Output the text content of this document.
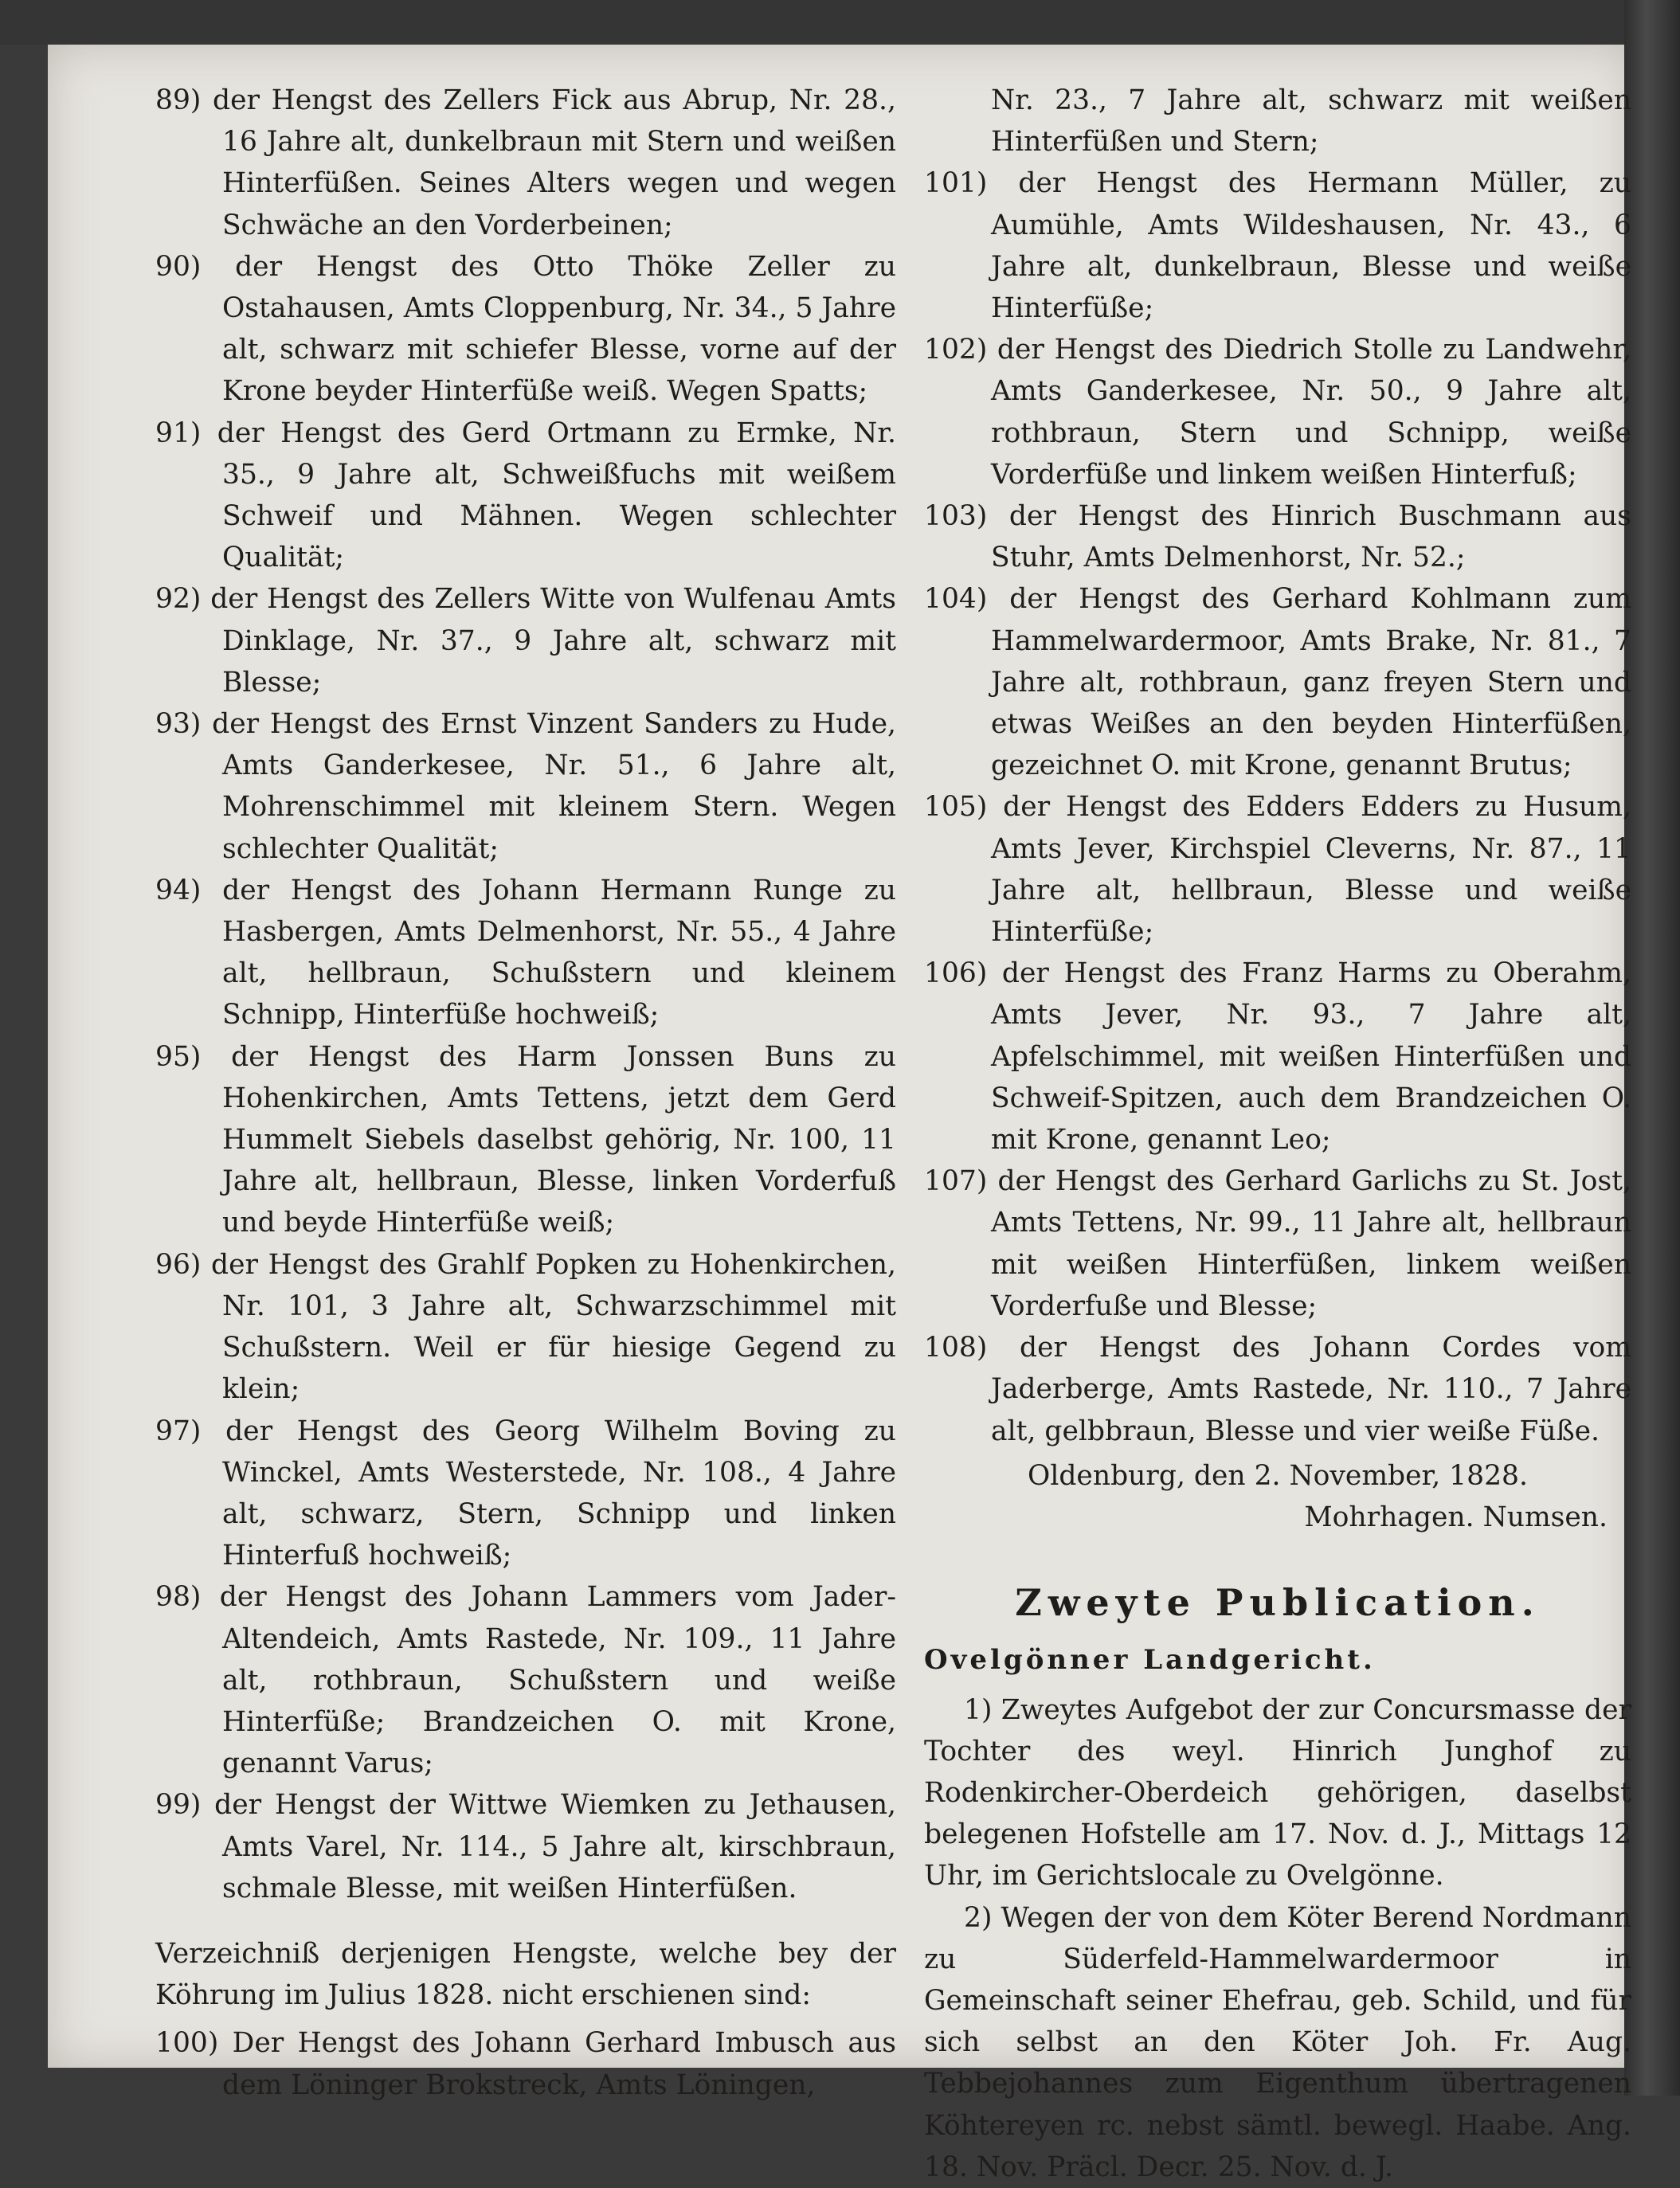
89) der Hengst des Zellers Fick aus Abrup, Nr. 28., 16 Jahre alt, dunkelbraun mit Stern und weißen Hinterfüßen. Seines Alters wegen und wegen Schwäche an den Vorderbeinen;

90) der Hengst des Otto Thöke Zeller zu Ostahausen, Amts Cloppenburg, Nr. 34., 5 Jahre alt, schwarz mit schiefer Blesse, vorne auf der Krone beyder Hinterfüße weiß. Wegen Spatts;

91) der Hengst des Gerd Ortmann zu Ermke, Nr. 35., 9 Jahre alt, Schweißfuchs mit weißem Schweif und Mähnen. Wegen schlechter Qualität;

92) der Hengst des Zellers Witte von Wulfenau Amts Dinklage, Nr. 37., 9 Jahre alt, schwarz mit Blesse;

93) der Hengst des Ernst Vinzent Sanders zu Hude, Amts Ganderkesee, Nr. 51., 6 Jahre alt, Mohrenschimmel mit kleinem Stern. Wegen schlechter Qualität;

94) der Hengst des Johann Hermann Runge zu Hasbergen, Amts Delmenhorst, Nr. 55., 4 Jahre alt, hellbraun, Schußstern und kleinem Schnipp, Hinterfüße hochweiß;

95) der Hengst des Harm Jonssen Buns zu Hohenkirchen, Amts Tettens, jetzt dem Gerd Hummelt Siebels daselbst gehörig, Nr. 100, 11 Jahre alt, hellbraun, Blesse, linken Vorderfuß und beyde Hinterfüße weiß;

96) der Hengst des Grahlf Popken zu Hohenkirchen, Nr. 101, 3 Jahre alt, Schwarzschimmel mit Schußstern. Weil er für hiesige Gegend zu klein;

97) der Hengst des Georg Wilhelm Boving zu Winckel, Amts Westerstede, Nr. 108., 4 Jahre alt, schwarz, Stern, Schnipp und linken Hinterfuß hochweiß;

98) der Hengst des Johann Lammers vom Jader-Altendeich, Amts Rastede, Nr. 109., 11 Jahre alt, rothbraun, Schußstern und weiße Hinterfüße; Brandzeichen O. mit Krone, genannt Varus;

99) der Hengst der Wittwe Wiemken zu Jethausen, Amts Varel, Nr. 114., 5 Jahre alt, kirschbraun, schmale Blesse, mit weißen Hinterfüßen.

Verzeichniß derjenigen Hengste, welche bey der Köhrung im Julius 1828. nicht erschienen sind:

100) Der Hengst des Johann Gerhard Imbusch aus dem Löninger Brokstreck, Amts Löningen,

Nr. 23., 7 Jahre alt, schwarz mit weißen Hinterfüßen und Stern;

101) der Hengst des Hermann Müller, zu Aumühle, Amts Wildeshausen, Nr. 43., 6 Jahre alt, dunkelbraun, Blesse und weiße Hinterfüße;

102) der Hengst des Diedrich Stolle zu Landwehr, Amts Ganderkesee, Nr. 50., 9 Jahre alt, rothbraun, Stern und Schnipp, weiße Vorderfüße und linkem weißen Hinterfuß;

103) der Hengst des Hinrich Buschmann aus Stuhr, Amts Delmenhorst, Nr. 52.;

104) der Hengst des Gerhard Kohlmann zum Hammelwardermoor, Amts Brake, Nr. 81., 7 Jahre alt, rothbraun, ganz freyen Stern und etwas Weißes an den beyden Hinterfüßen, gezeichnet O. mit Krone, genannt Brutus;

105) der Hengst des Edders Edders zu Husum, Amts Jever, Kirchspiel Cleverns, Nr. 87., 11 Jahre alt, hellbraun, Blesse und weiße Hinterfüße;

106) der Hengst des Franz Harms zu Oberahm, Amts Jever, Nr. 93., 7 Jahre alt, Apfelschimmel, mit weißen Hinterfüßen und Schweif-Spitzen, auch dem Brandzeichen O. mit Krone, genannt Leo;

107) der Hengst des Gerhard Garlichs zu St. Jost, Amts Tettens, Nr. 99., 11 Jahre alt, hellbraun mit weißen Hinterfüßen, linkem weißen Vorderfuße und Blesse;

108) der Hengst des Johann Cordes vom Jaderberge, Amts Rastede, Nr. 110., 7 Jahre alt, gelbbraun, Blesse und vier weiße Füße.

Oldenburg, den 2. November, 1828.

Mohrhagen. Numsen.

Zweyte Publication.

Ovelgönner Landgericht.

1) Zweytes Aufgebot der zur Concursmasse der Tochter des weyl. Hinrich Junghof zu Rodenkircher-Oberdeich gehörigen, daselbst belegenen Hofstelle am 17. Nov. d. J., Mittags 12 Uhr, im Gerichtslocale zu Ovelgönne.

2) Wegen der von dem Köter Berend Nordmann zu Süderfeld-Hammelwardermoor in Gemeinschaft seiner Ehefrau, geb. Schild, und für sich selbst an den Köter Joh. Fr. Aug. Tebbejohannes zum Eigenthum übertragenen Köhtereyen rc. nebst sämtl. bewegl. Haabe. Ang. 18. Nov. Präcl. Decr. 25. Nov. d. J.
